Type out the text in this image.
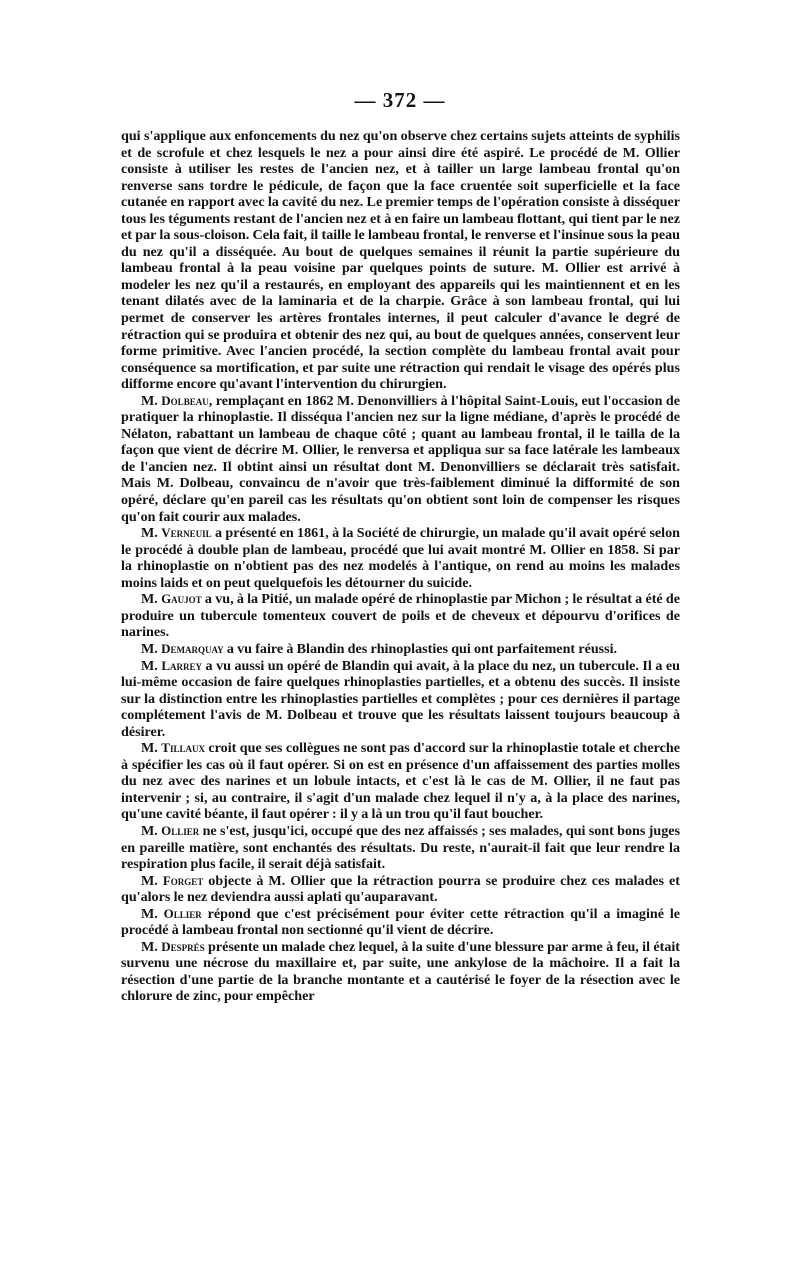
— 372 —

qui s'applique aux enfoncements du nez qu'on observe chez certains sujets atteints de syphilis et de scrofule et chez lesquels le nez a pour ainsi dire été aspiré. Le procédé de M. Ollier consiste à utiliser les restes de l'ancien nez, et à tailler un large lambeau frontal qu'on renverse sans tordre le pédicule, de façon que la face cruentée soit superficielle et la face cutanée en rapport avec la cavité du nez. Le premier temps de l'opération consiste à disséquer tous les téguments restant de l'ancien nez et à en faire un lambeau flottant, qui tient par le nez et par la sous-cloison. Cela fait, il taille le lambeau frontal, le renverse et l'insinue sous la peau du nez qu'il a disséquée. Au bout de quelques semaines il réunit la partie supérieure du lambeau frontal à la peau voisine par quelques points de suture. M. Ollier est arrivé à modeler les nez qu'il a restaurés, en employant des appareils qui les maintiennent et en les tenant dilatés avec de la laminaria et de la charpie. Grâce à son lambeau frontal, qui lui permet de conserver les artères frontales internes, il peut calculer d'avance le degré de rétraction qui se produira et obtenir des nez qui, au bout de quelques années, conservent leur forme primitive. Avec l'ancien procédé, la section complète du lambeau frontal avait pour conséquence sa mortification, et par suite une rétraction qui rendait le visage des opérés plus difforme encore qu'avant l'intervention du chirurgien.

M. Dolbeau, remplaçant en 1862 M. Denonvilliers à l'hôpital Saint-Louis, eut l'occasion de pratiquer la rhinoplastie. Il disséqua l'ancien nez sur la ligne médiane, d'après le procédé de Nélaton, rabattant un lambeau de chaque côté ; quant au lambeau frontal, il le tailla de la façon que vient de décrire M. Ollier, le renversa et appliqua sur sa face latérale les lambeaux de l'ancien nez. Il obtint ainsi un résultat dont M. Denonvilliers se déclarait très satisfait. Mais M. Dolbeau, convaincu de n'avoir que très-faiblement diminué la difformité de son opéré, déclare qu'en pareil cas les résultats qu'on obtient sont loin de compenser les risques qu'on fait courir aux malades.

M. Verneuil a présenté en 1861, à la Société de chirurgie, un malade qu'il avait opéré selon le procédé à double plan de lambeau, procédé que lui avait montré M. Ollier en 1858. Si par la rhinoplastie on n'obtient pas des nez modelés à l'antique, on rend au moins les malades moins laids et on peut quelquefois les détourner du suicide.

M. Gaujot a vu, à la Pitié, un malade opéré de rhinoplastie par Michon ; le résultat a été de produire un tubercule tomenteux couvert de poils et de cheveux et dépourvu d'orifices de narines.

M. Demarquay a vu faire à Blandin des rhinoplasties qui ont parfaitement réussi.

M. Larrey a vu aussi un opéré de Blandin qui avait, à la place du nez, un tubercule. Il a eu lui-même occasion de faire quelques rhinoplasties partielles, et a obtenu des succès. Il insiste sur la distinction entre les rhinoplasties partielles et complètes ; pour ces dernières il partage complétement l'avis de M. Dolbeau et trouve que les résultats laissent toujours beaucoup à désirer.

M. Tillaux croit que ses collègues ne sont pas d'accord sur la rhinoplastie totale et cherche à spécifier les cas où il faut opérer. Si on est en présence d'un affaissement des parties molles du nez avec des narines et un lobule intacts, et c'est là le cas de M. Ollier, il ne faut pas intervenir ; si, au contraire, il s'agit d'un malade chez lequel il n'y a, à la place des narines, qu'une cavité béante, il faut opérer : il y a là un trou qu'il faut boucher.

M. Ollier ne s'est, jusqu'ici, occupé que des nez affaissés ; ses malades, qui sont bons juges en pareille matière, sont enchantés des résultats. Du reste, n'aurait-il fait que leur rendre la respiration plus facile, il serait déjà satisfait.

M. Forget objecte à M. Ollier que la rétraction pourra se produire chez ces malades et qu'alors le nez deviendra aussi aplati qu'auparavant.

M. Ollier répond que c'est précisément pour éviter cette rétraction qu'il a imaginé le procédé à lambeau frontal non sectionné qu'il vient de décrire.

M. Després présente un malade chez lequel, à la suite d'une blessure par arme à feu, il était survenu une nécrose du maxillaire et, par suite, une ankylose de la mâchoire. Il a fait la résection d'une partie de la branche montante et a cautérisé le foyer de la résection avec le chlorure de zinc, pour empêcher
